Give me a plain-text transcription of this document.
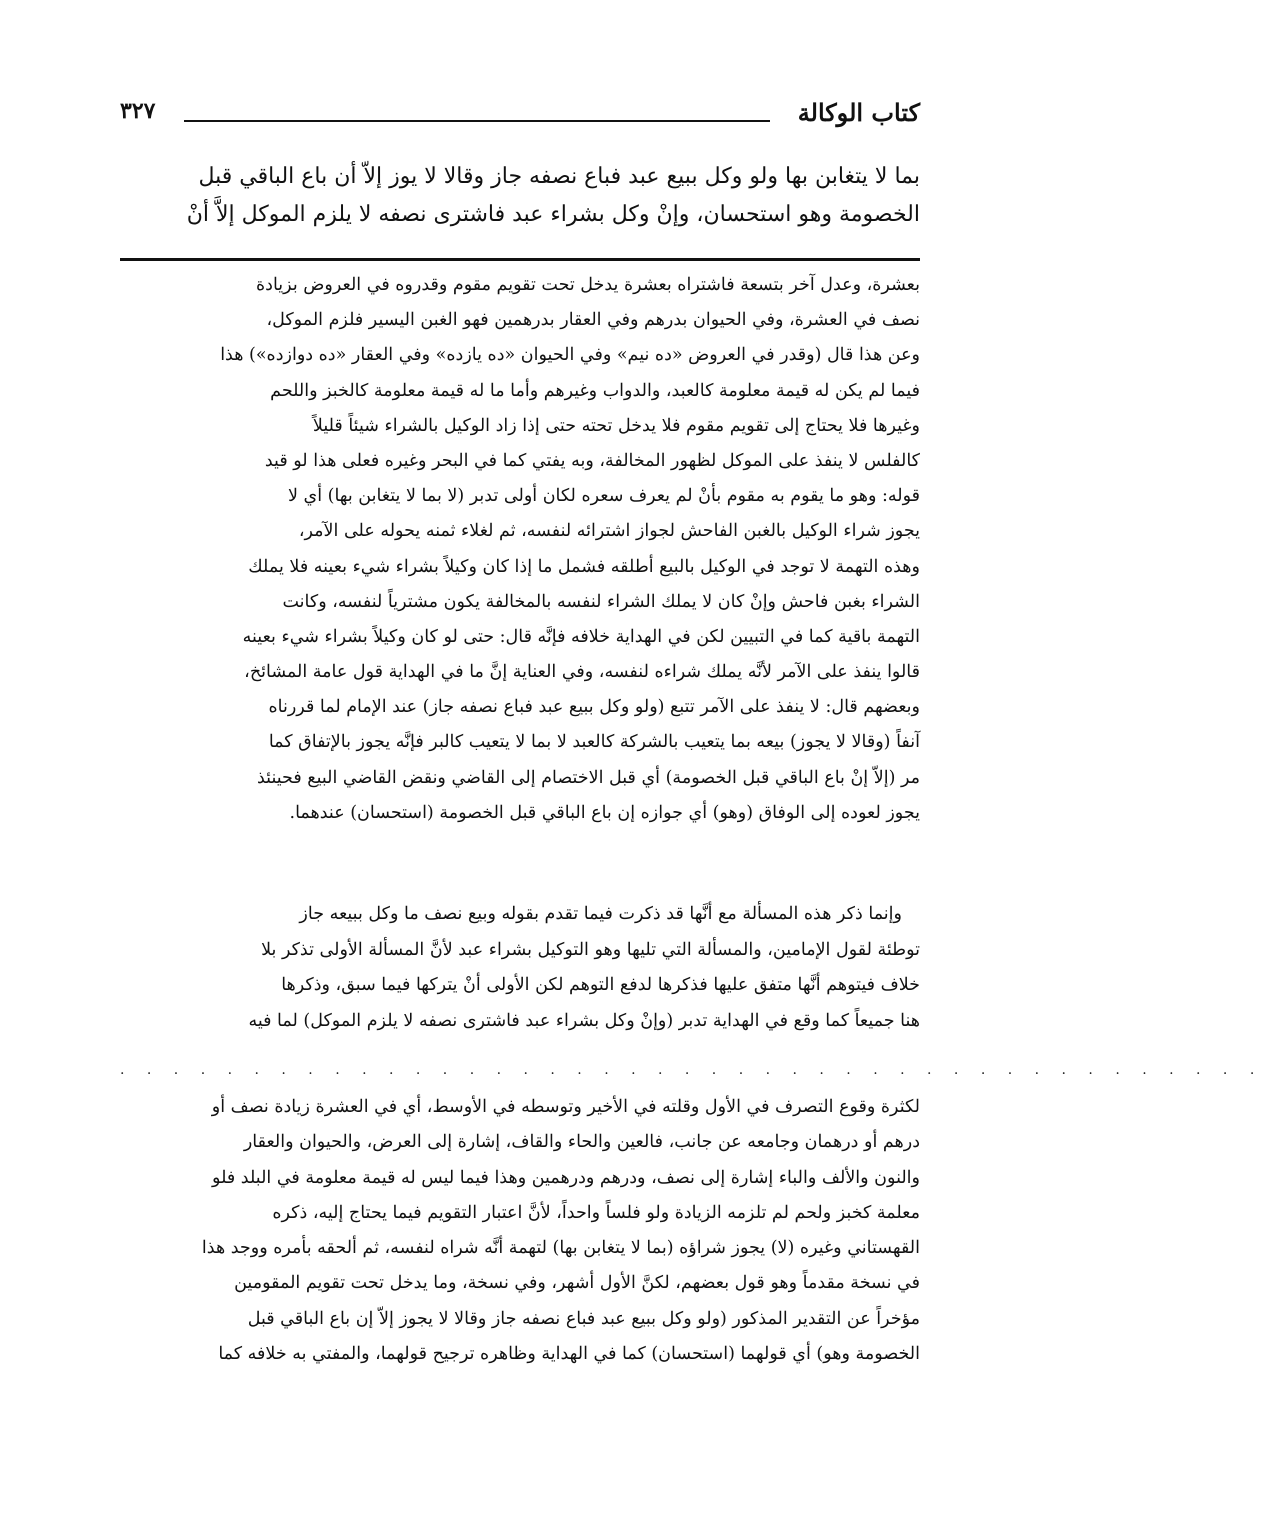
كتاب الوكالة
٣٢٧
بما لا يتغابن بها ولو وكل ببيع عبد فباع نصفه جاز وقالا لا يوز إلاّ أن باع الباقي قبل
الخصومة وهو استحسان، وإنْ وكل بشراء عبد فاشترى نصفه لا يلزم الموكل إلاَّ أنْ
بعشرة، وعدل آخر بتسعة فاشتراه بعشرة يدخل تحت تقويم مقوم وقدروه في العروض بزيادة
نصف في العشرة، وفي الحيوان بدرهم وفي العقار بدرهمين فهو الغبن اليسير فلزم الموكل،
وعن هذا قال (وقدر في العروض «ده نيم» وفي الحيوان «ده يازده» وفي العقار «ده دوازده») هذا
فيما لم يكن له قيمة معلومة كالعبد، والدواب وغيرهم وأما ما له قيمة معلومة كالخبز واللحم
وغيرها فلا يحتاج إلى تقويم مقوم فلا يدخل تحته حتى إذا زاد الوكيل بالشراء شيئاً قليلاً
كالفلس لا ينفذ على الموكل لظهور المخالفة، وبه يفتي كما في البحر وغيره فعلى هذا لو قيد
قوله: وهو ما يقوم به مقوم بأنْ لم يعرف سعره لكان أولى تدبر (لا بما لا يتغابن بها) أي لا
يجوز شراء الوكيل بالغبن الفاحش لجواز اشترائه لنفسه، ثم لغلاء ثمنه يحوله على الآمر،
وهذه التهمة لا توجد في الوكيل بالبيع أطلقه فشمل ما إذا كان وكيلاً بشراء شيء بعينه فلا يملك
الشراء بغبن فاحش وإنْ كان لا يملك الشراء لنفسه بالمخالفة يكون مشترياً لنفسه، وكانت
التهمة باقية كما في التبيين لكن في الهداية خلافه فإنَّه قال: حتى لو كان وكيلاً بشراء شيء بعينه
قالوا ينفذ على الآمر لأنَّه يملك شراءه لنفسه، وفي العناية إنَّ ما في الهداية قول عامة المشائخ،
وبعضهم قال: لا ينفذ على الآمر تتبع (ولو وكل ببيع عبد فباع نصفه جاز) عند الإمام لما قررناه
آنفاً (وقالا لا يجوز) بيعه بما يتعيب بالشركة كالعبد لا بما لا يتعيب كالبر فإنَّه يجوز بالإتفاق كما
مر (إلاّ إنْ باع الباقي قبل الخصومة) أي قبل الاختصام إلى القاضي ونقض القاضي البيع فحينئذ
يجوز لعوده إلى الوفاق (وهو) أي جوازه إن باع الباقي قبل الخصومة (استحسان) عندهما.
وإنما ذكر هذه المسألة مع أنَّها قد ذكرت فيما تقدم بقوله وبيع نصف ما وكل ببيعه جاز
توطئة لقول الإمامين، والمسألة التي تليها وهو التوكيل بشراء عبد لأنَّ المسألة الأولى تذكر بلا
خلاف فيتوهم أنَّها متفق عليها فذكرها لدفع التوهم لكن الأولى أنْ يتركها فيما سبق، وذكرها
هنا جميعاً كما وقع في الهداية تدبر (وإنْ وكل بشراء عبد فاشترى نصفه لا يلزم الموكل) لما فيه
. . . . . . . . . . . . . . . . . . . . . . . . . . . . . . . . . . . . . . . . . . .
لكثرة وقوع التصرف في الأول وقلته في الأخير وتوسطه في الأوسط، أي في العشرة زيادة نصف أو
درهم أو درهمان وجامعه عن جانب، فالعين والحاء والقاف، إشارة إلى العرض، والحيوان والعقار
والنون والألف والباء إشارة إلى نصف، ودرهم ودرهمين وهذا فيما ليس له قيمة معلومة في البلد فلو
معلمة كخبز ولحم لم تلزمه الزيادة ولو فلساً واحداً، لأنَّ اعتبار التقويم فيما يحتاج إليه، ذكره
القهستاني وغيره (لا) يجوز شراؤه (بما لا يتغابن بها) لتهمة أنَّه شراه لنفسه، ثم ألحقه بأمره ووجد هذا
في نسخة مقدماً وهو قول بعضهم، لكنَّ الأول أشهر، وفي نسخة، وما يدخل تحت تقويم المقومين
مؤخراً عن التقدير المذكور (ولو وكل ببيع عبد فباع نصفه جاز وقالا لا يجوز إلاّ إن باع الباقي قبل
الخصومة وهو) أي قولهما (استحسان) كما في الهداية وظاهره ترجيح قولهما، والمفتي به خلافه كما
